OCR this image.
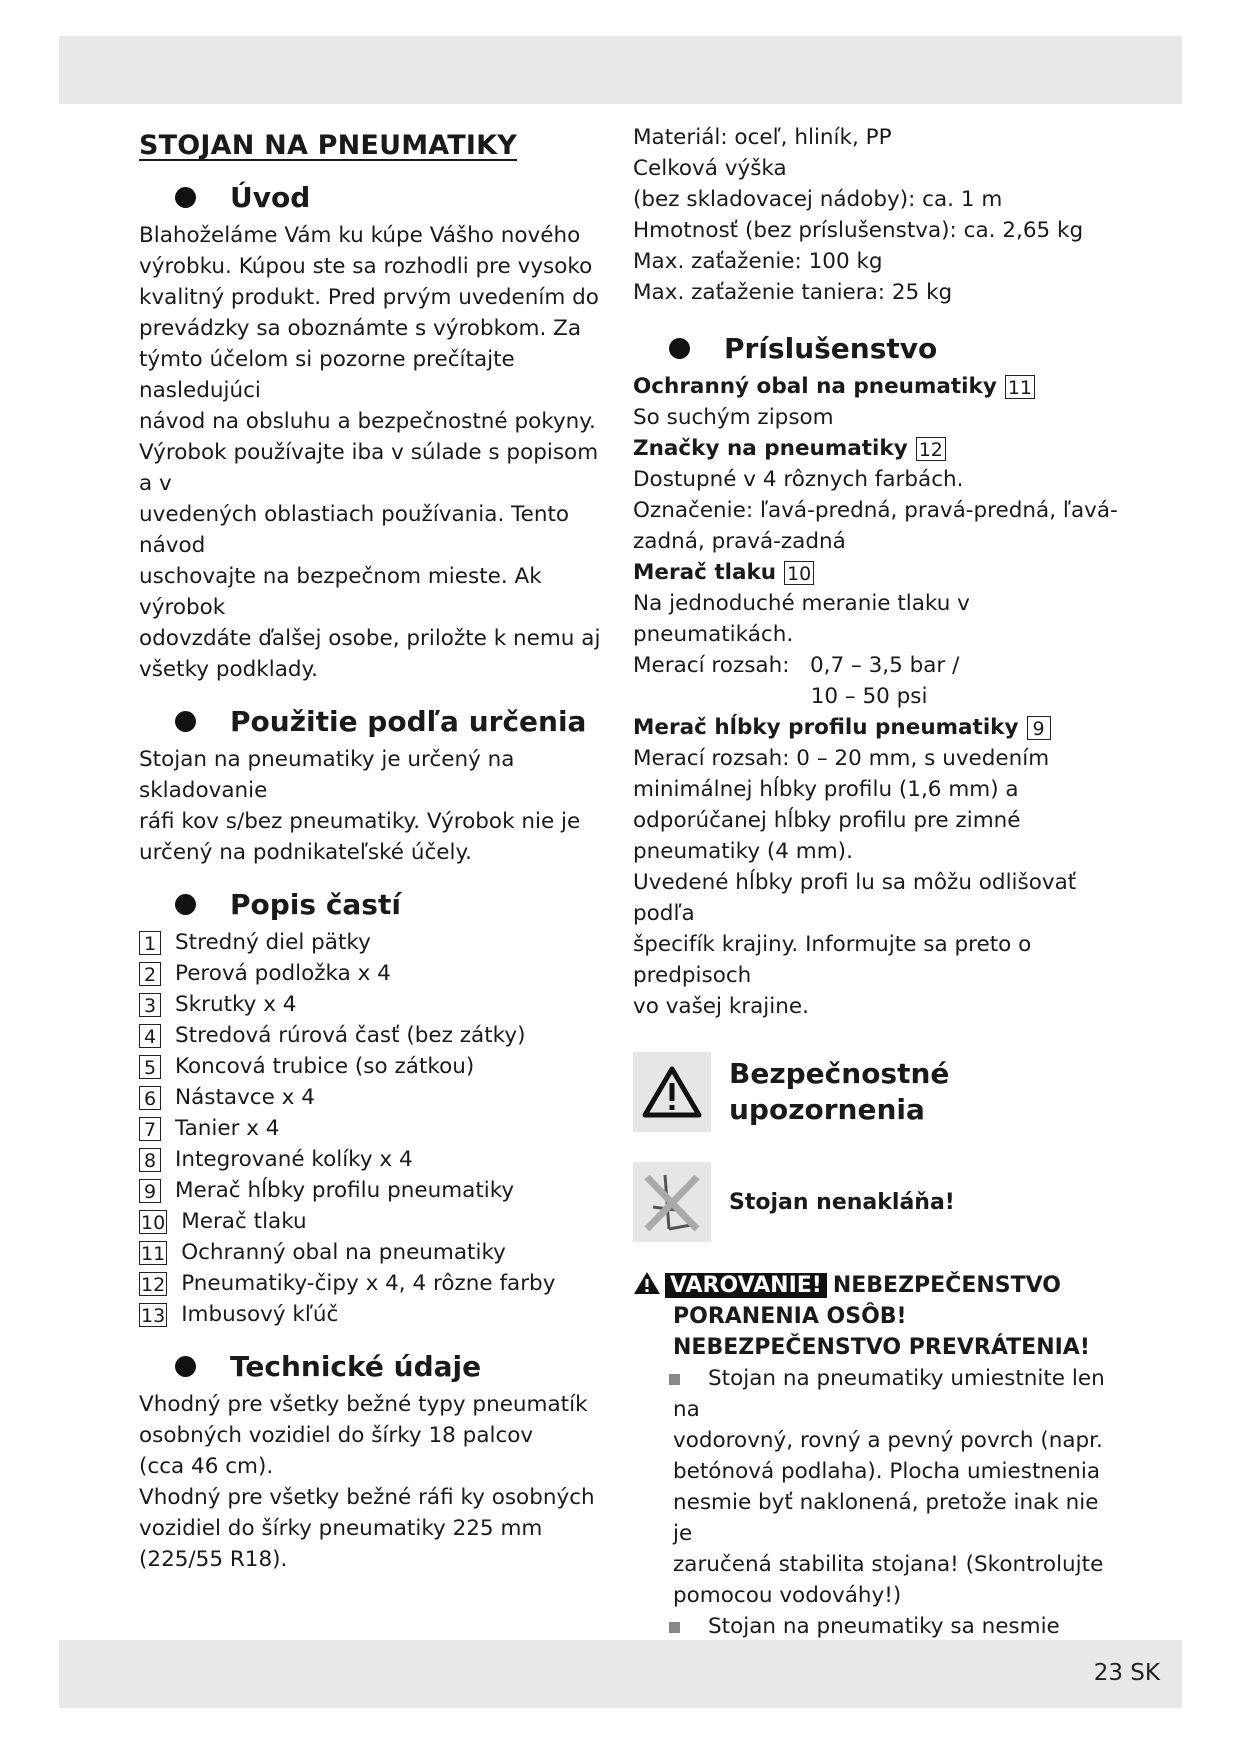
STOJAN NA PNEUMATIKY
Úvod

Blahoželáme Vám ku kúpe Vášho nového

výrobku. Kúpou ste sa rozhodli pre vysoko

kvalitný produkt. Pred prvým uvedením do

prevádzky sa oboznámte s výrobkom. Za

týmto účelom si pozorne prečítajte nasledujúci

návod na obsluhu a bezpečnostné pokyny.

Výrobok používajte iba v súlade s popisom a v

uvedených oblastiach používania. Tento návod

uschovajte na bezpečnom mieste. Ak výrobok

odovzdáte ďalšej osobe, priložte k nemu aj

všetky podklady.

Použitie podľa určenia

Stojan na pneumatiky je určený na skladovanie

ráfi kov s/bez pneumatiky. Výrobok nie je

určený na podnikateľské účely.

Popis častí
1 Stredný diel pätky
2 Perová podložka x 4
3 Skrutky x 4
4 Stredová rúrová časť (bez zátky)
5 Koncová trubice (so zátkou)
6 Nástavce x 4
7 Tanier x 4
8 Integrované kolíky x 4
9 Merač hĺbky profilu pneumatiky
10 Merač tlaku
11 Ochranný obal na pneumatiky
12 Pneumatiky-čipy x 4, 4 rôzne farby
13 Imbusový kľúč
Technické údaje

Vhodný pre všetky bežné typy pneumatík

osobných vozidiel do šírky 18 palcov

(cca 46 cm).

Vhodný pre všetky bežné ráfi ky osobných

vozidiel do šírky pneumatiky 225 mm

(225/55 R18).

Materiál: oceľ, hliník, PP

Celková výška

(bez skladovacej nádoby): ca. 1 m

Hmotnosť (bez príslušenstva): ca. 2,65 kg

Max. zaťaženie: 100 kg

Max. zaťaženie taniera: 25 kg

Príslušenstvo

Ochranný obal na pneumatiky 11

So suchým zipsom

Značky na pneumatiky 12

Dostupné v 4 rôznych farbách.

Označenie: ľavá-predná, pravá-predná, ľavá-

zadná, pravá-zadná

Merač tlaku 10

Na jednoduché meranie tlaku v pneumatikách.

Merací rozsah:   0,7 – 3,5 bar /

10 – 50 psi

Merač hĺbky profilu pneumatiky 9

Merací rozsah: 0 – 20 mm, s uvedením

minimálnej hĺbky profilu (1,6 mm) a

odporúčanej hĺbky profilu pre zimné

pneumatiky (4 mm).

Uvedené hĺbky profi lu sa môžu odlišovať podľa

špecifík krajiny. Informujte sa preto o predpisoch

vo vašej krajine.

Bezpečnostné
upozornenia
Stojan nenakláňa!
VAROVANIE! NEBEZPEČENSTVO
PORANENIA OSÔB!
NEBEZPEČENSTVO PREVRÁTENIA!

Stojan na pneumatiky umiestnite len na

vodorovný, rovný a pevný povrch (napr.

betónová podlaha). Plocha umiestnenia

nesmie byť naklonená, pretože inak nie je

zaručená stabilita stojana! (Skontrolujte

pomocou vodováhy!)

Stojan na pneumatiky sa nesmie

23 SK
